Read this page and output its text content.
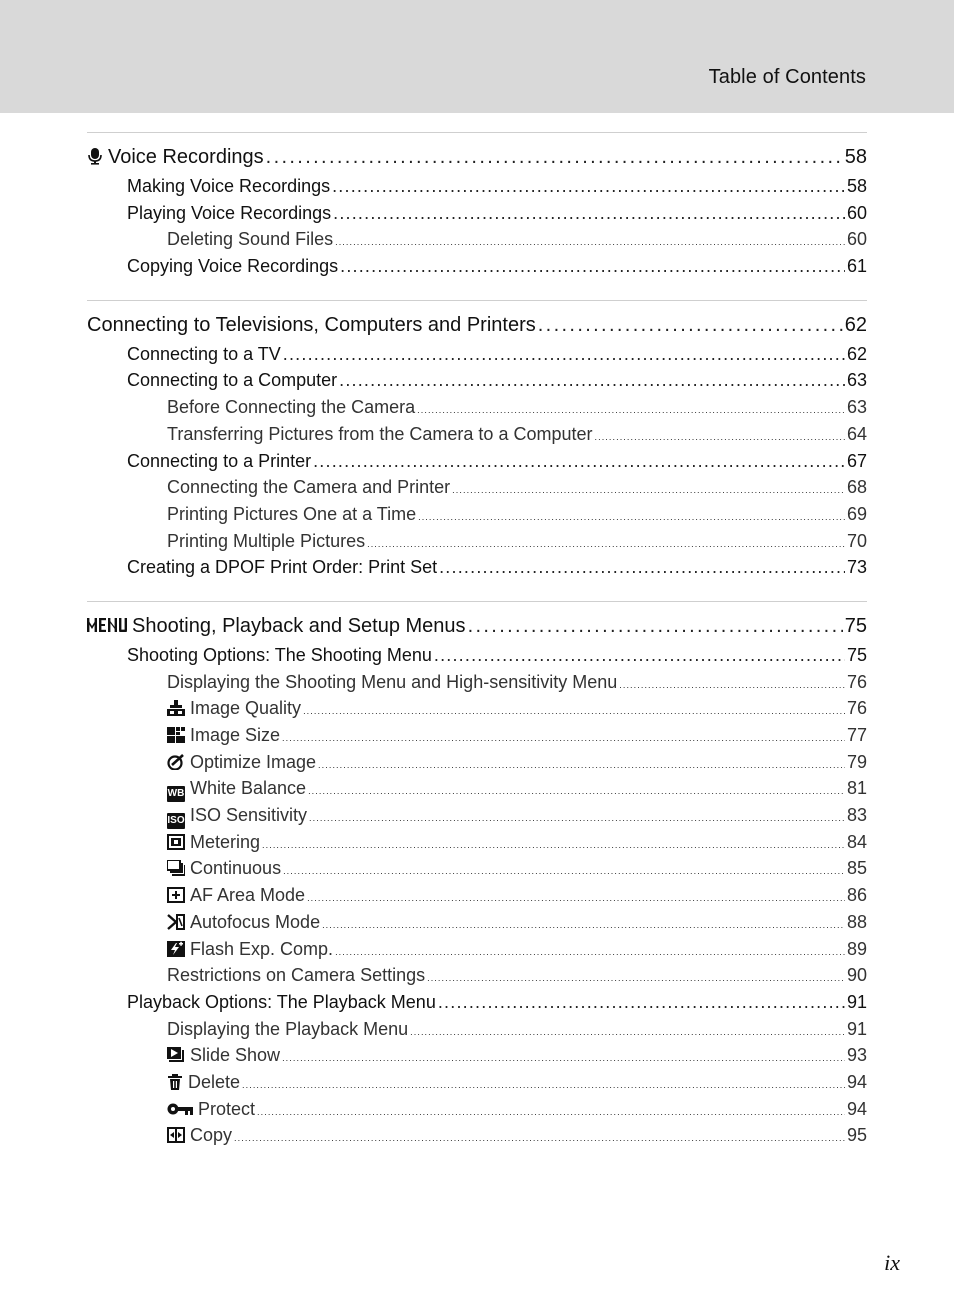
Table of Contents
Voice Recordings . . .	58
Making Voice Recordings . . .	58
Playing Voice Recordings . . .	60
Deleting Sound Files . . .	60
Copying Voice Recordings . . .	61
Connecting to Televisions, Computers and Printers . . .	62
Connecting to a TV . . .	62
Connecting to a Computer . . .	63
Before Connecting the Camera . . .	63
Transferring Pictures from the Camera to a Computer . . .	64
Connecting to a Printer . . .	67
Connecting the Camera and Printer . . .	68
Printing Pictures One at a Time . . .	69
Printing Multiple Pictures . . .	70
Creating a DPOF Print Order: Print Set . . .	73
Shooting, Playback and Setup Menus . . .	75
Shooting Options: The Shooting Menu . . .	75
Displaying the Shooting Menu and High-sensitivity Menu . . .	76
Image Quality . . .	76
Image Size . . .	77
Optimize Image . . .	79
WB White Balance . . .	81
ISO ISO Sensitivity . . .	83
Metering . . .	84
Continuous . . .	85
AF Area Mode . . .	86
Autofocus Mode . . .	88
Flash Exp. Comp. . . .	89
Restrictions on Camera Settings . . .	90
Playback Options: The Playback Menu . . .	91
Displaying the Playback Menu . . .	91
Slide Show . . .	93
Delete . . .	94
Protect . . .	94
Copy . . .	95
ix
